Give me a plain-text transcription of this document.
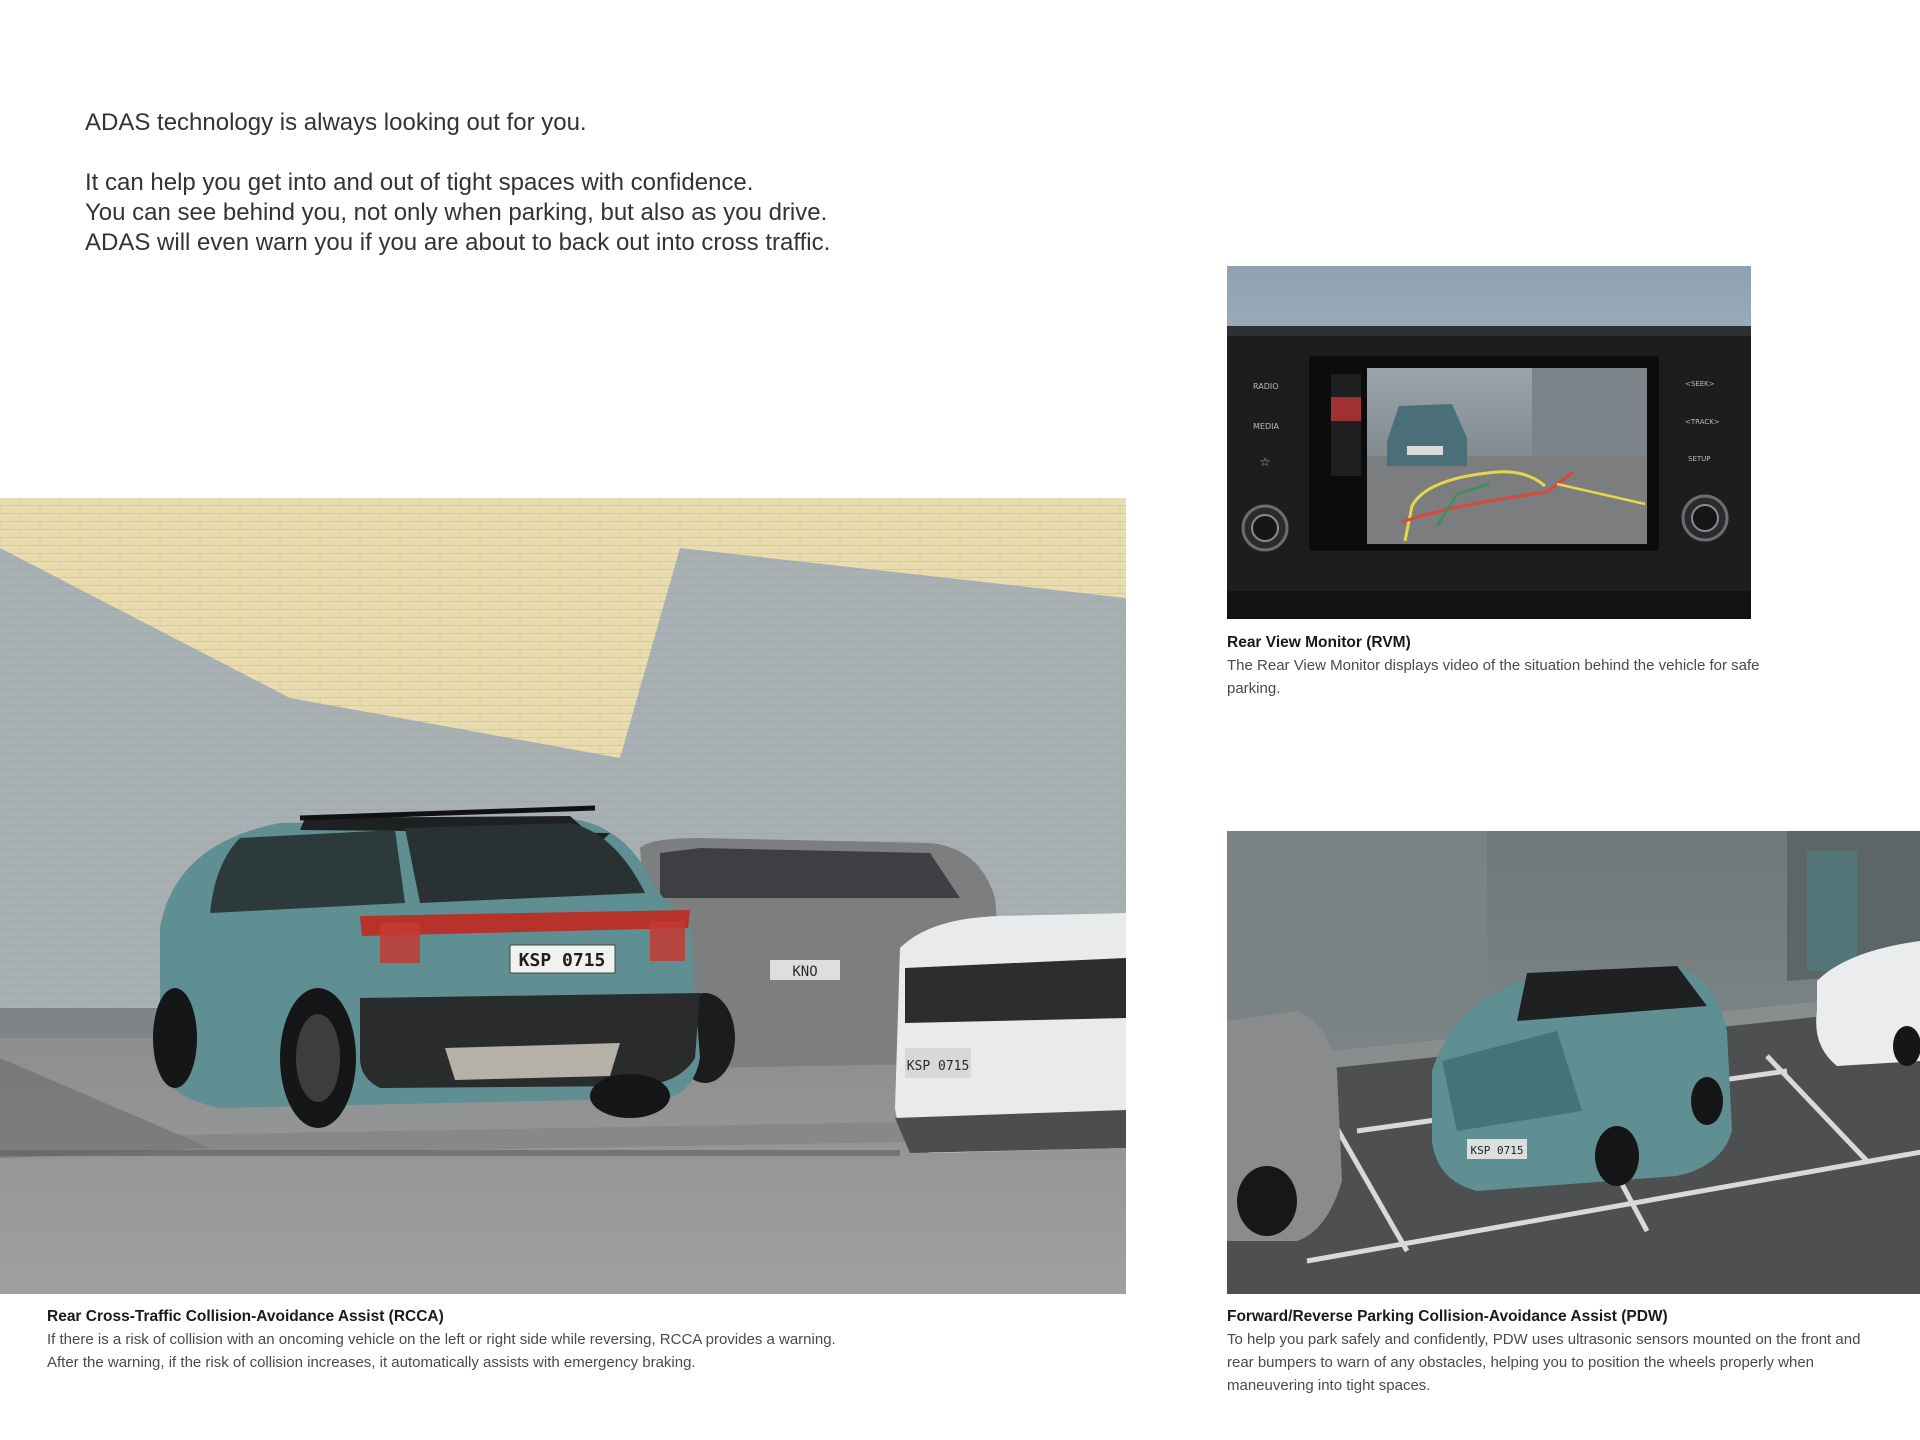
ADAS technology is always looking out for you.

It can help you get into and out of tight spaces with confidence.

You can see behind you, not only when parking, but also as you drive.

ADAS will even warn you if you are about to back out into cross traffic.

RADIO
MEDIA
☆
<SEEK>
<TRACK>
SETUP
Rear View Monitor (RVM)
The Rear View Monitor displays video of the situation behind the vehicle for safe parking.
KNO
KSP 0715
KSP 0715
Rear Cross-Traffic Collision-Avoidance Assist (RCCA)
If there is a risk of collision with an oncoming vehicle on the left or right side while reversing, RCCA provides a warning.
After the warning, if the risk of collision increases, it automatically assists with emergency braking.
KSP 0715
Forward/Reverse Parking Collision-Avoidance Assist (PDW)
To help you park safely and confidently, PDW uses ultrasonic sensors mounted on the front and rear bumpers to warn of any obstacles, helping you to position the wheels properly when maneuvering into tight spaces.
